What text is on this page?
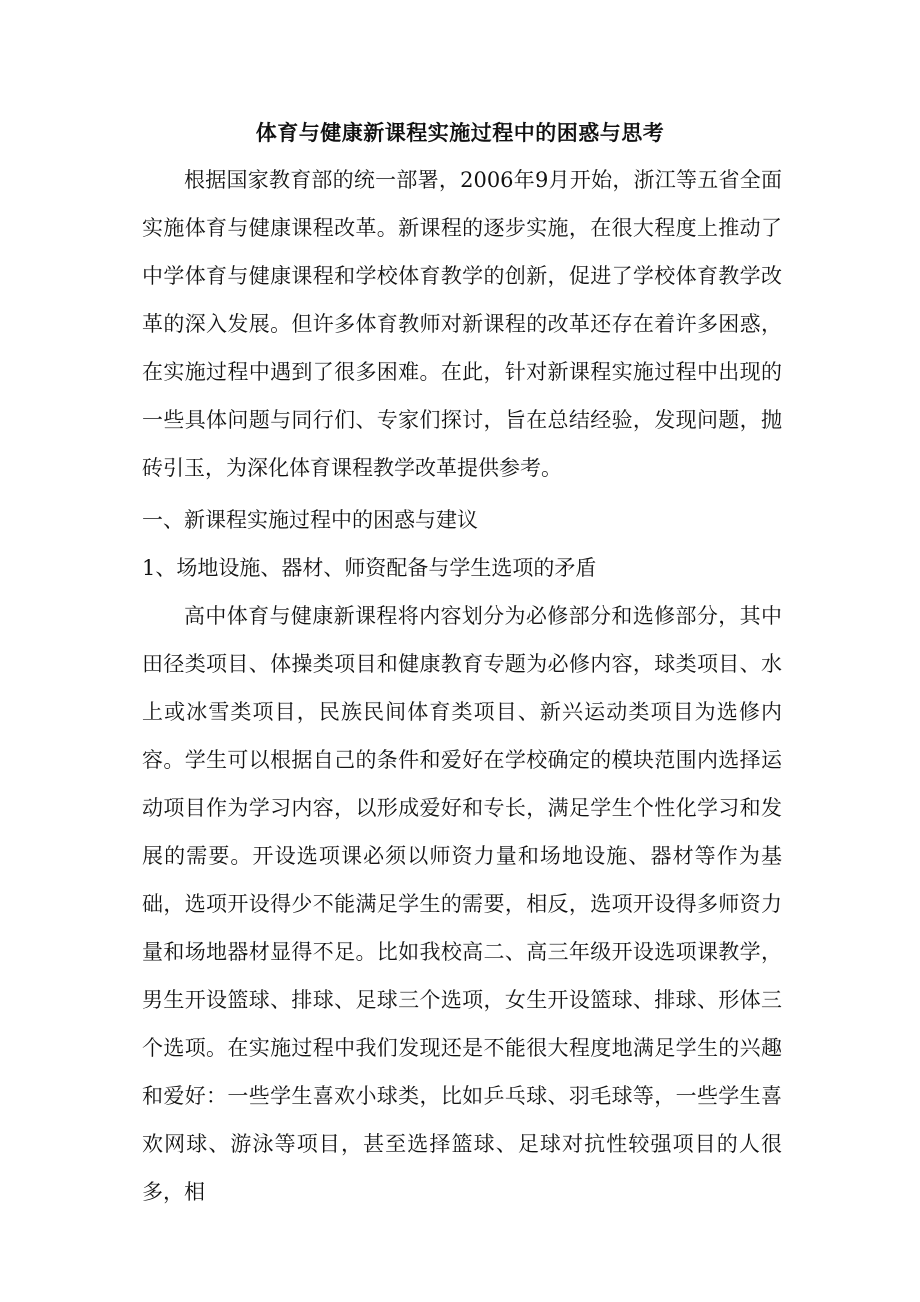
体育与健康新课程实施过程中的困惑与思考

根据国家教育部的统一部署，2006年9月开始，浙江等五省全面实施体育与健康课程改革。新课程的逐步实施，在很大程度上推动了中学体育与健康课程和学校体育教学的创新，促进了学校体育教学改革的深入发展。但许多体育教师对新课程的改革还存在着许多困惑，在实施过程中遇到了很多困难。在此，针对新课程实施过程中出现的一些具体问题与同行们、专家们探讨，旨在总结经验，发现问题，抛砖引玉，为深化体育课程教学改革提供参考。

一、新课程实施过程中的困惑与建议

1、场地设施、器材、师资配备与学生选项的矛盾

高中体育与健康新课程将内容划分为必修部分和选修部分，其中田径类项目、体操类项目和健康教育专题为必修内容，球类项目、水上或冰雪类项目，民族民间体育类项目、新兴运动类项目为选修内容。学生可以根据自己的条件和爱好在学校确定的模块范围内选择运动项目作为学习内容，以形成爱好和专长，满足学生个性化学习和发展的需要。开设选项课必须以师资力量和场地设施、器材等作为基础，选项开设得少不能满足学生的需要，相反，选项开设得多师资力量和场地器材显得不足。比如我校高二、高三年级开设选项课教学，男生开设篮球、排球、足球三个选项，女生开设篮球、排球、形体三个选项。在实施过程中我们发现还是不能很大程度地满足学生的兴趣和爱好：一些学生喜欢小球类，比如乒乓球、羽毛球等，一些学生喜欢网球、游泳等项目，甚至选择篮球、足球对抗性较强项目的人很多，相
